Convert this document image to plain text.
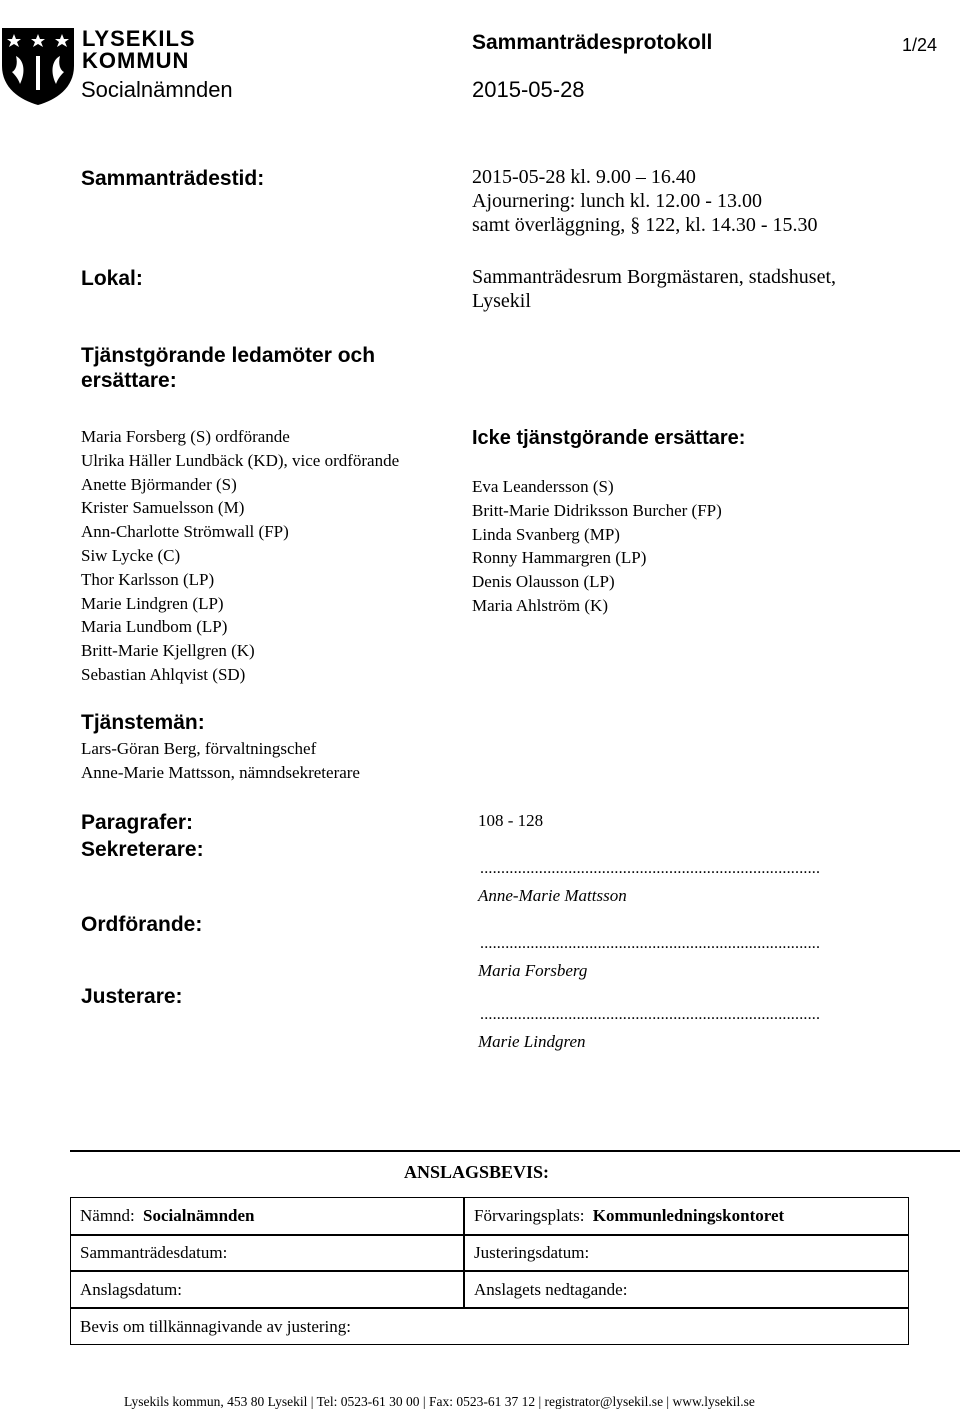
LYSEKILS
KOMMUN
Socialnämnden
Sammanträdesprotokoll	1/24
2015-05-28
Sammanträdestid:	2015-05-28 kl. 9.00 – 16.40
Ajournering: lunch kl. 12.00 - 13.00
samt överläggning, § 122, kl. 14.30 - 15.30
Lokal:	Sammanträdesrum Borgmästaren, stadshuset,
Lysekil
Tjänstgörande ledamöter och
ersättare:
Maria Forsberg (S) ordförande
Ulrika Häller Lundbäck (KD), vice ordförande
Anette Björmander (S)
Krister Samuelsson (M)
Ann-Charlotte Strömwall (FP)
Siw Lycke (C)
Thor Karlsson (LP)
Marie Lindgren (LP)
Maria Lundbom (LP)
Britt-Marie Kjellgren (K)
Sebastian Ahlqvist (SD)
Icke tjänstgörande ersättare:
Eva Leandersson (S)
Britt-Marie Didriksson Burcher (FP)
Linda Svanberg (MP)
Ronny Hammargren (LP)
Denis Olausson (LP)
Maria Ahlström (K)
Tjänstemän:
Lars-Göran Berg, förvaltningschef
Anne-Marie Mattsson, nämndsekreterare
Paragrafer:	108 - 128
Sekreterare:
.................................................................................
Anne-Marie Mattsson
Ordförande:
.................................................................................
Maria Forsberg
Justerare:
.................................................................................
Marie Lindgren
ANSLAGSBEVIS:
Nämnd: Socialnämnden	Förvaringsplats: Kommunledningskontoret
Sammanträdesdatum:	Justeringsdatum:
Anslagsdatum:	Anslagets nedtagande:
Bevis om tillkännagivande av justering:
Lysekils kommun, 453 80 Lysekil | Tel: 0523-61 30 00 | Fax: 0523-61 37 12 | registrator@lysekil.se | www.lysekil.se
